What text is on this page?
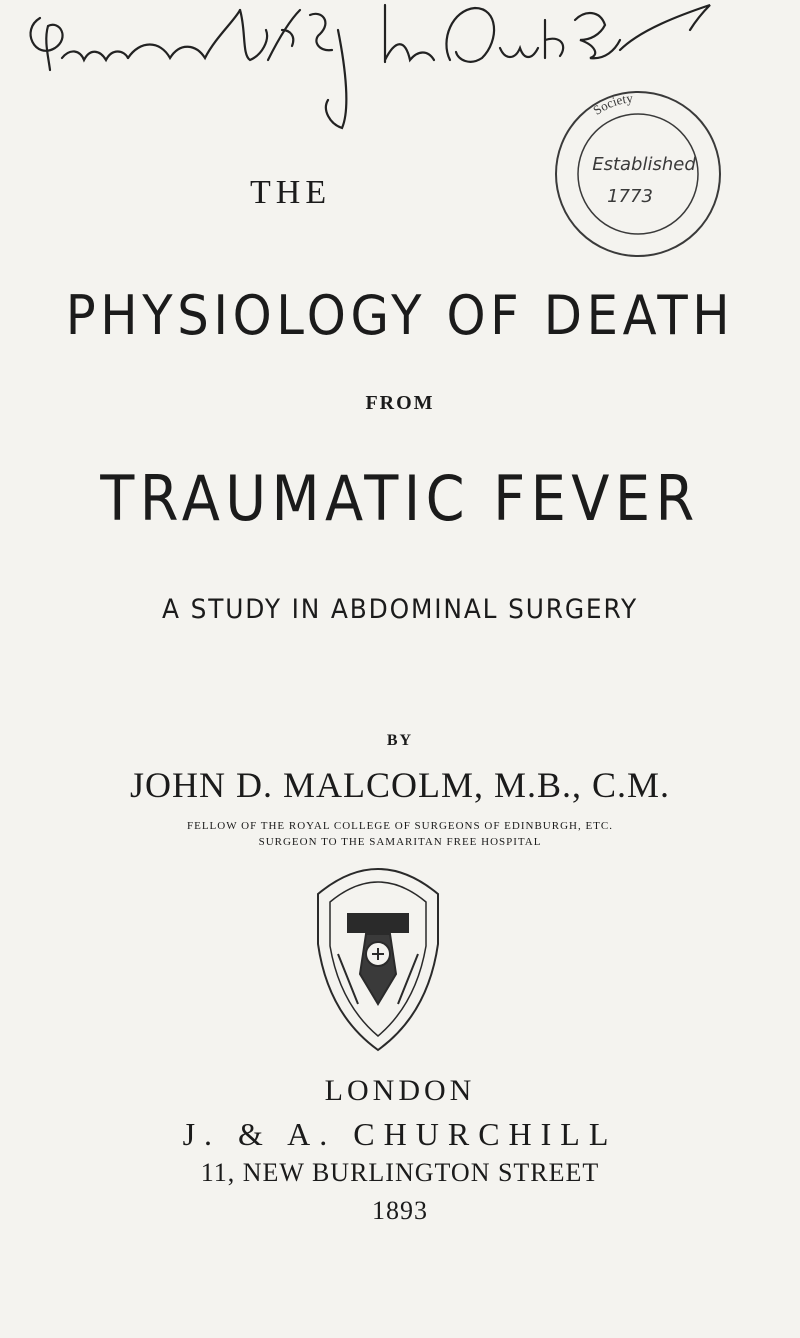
Society
Established
1773
THE
PHYSIOLOGY OF DEATH
FROM
TRAUMATIC FEVER
A STUDY IN ABDOMINAL SURGERY
BY
JOHN D. MALCOLM, M.B., C.M.
FELLOW OF THE ROYAL COLLEGE OF SURGEONS OF EDINBURGH, ETC.
SURGEON TO THE SAMARITAN FREE HOSPITAL
LONDON
J. & A. CHURCHILL
11, NEW BURLINGTON STREET
1893
